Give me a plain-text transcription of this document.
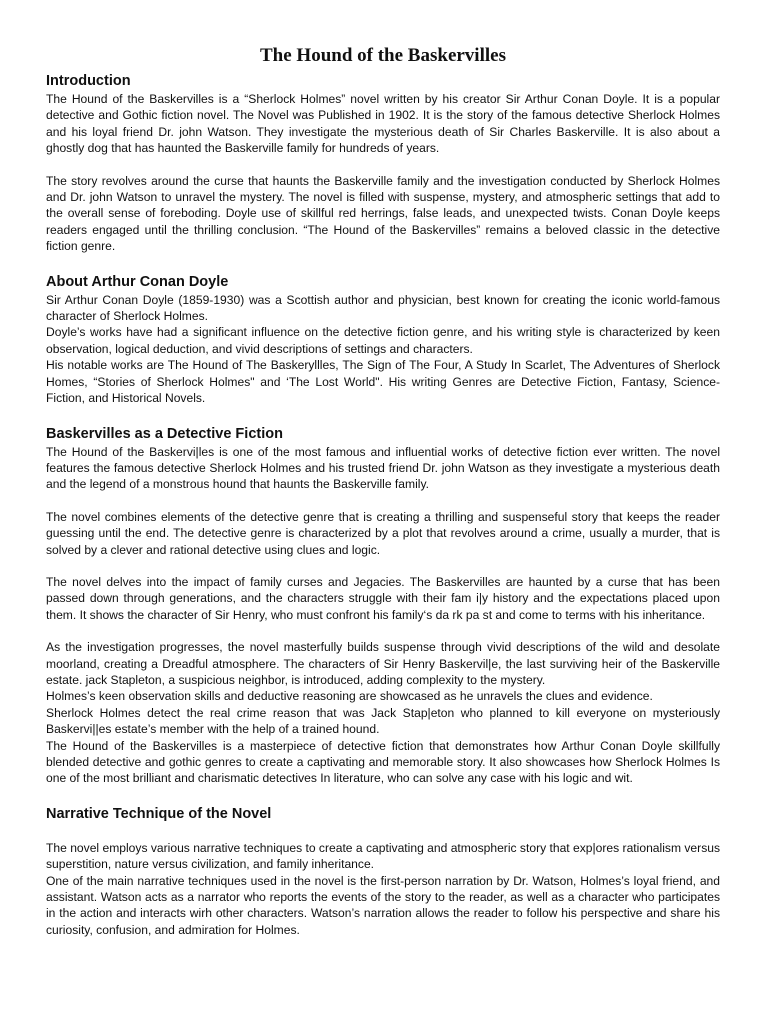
The Hound of the Baskervilles
Introduction

The Hound of the Baskervilles is a “Sherlock Holmes” novel written by his creator Sir Arthur Conan Doyle. It is a popular detective and Gothic fiction novel. The Novel was Published in 1902. It is the story of the famous detective Sherlock Holmes and his loyal friend Dr. john Watson. They investigate the mysterious death of Sir Charles Baskerville. It is also about a ghostly dog that has haunted the Baskerville family for hundreds of years.

The story revolves around the curse that haunts the Baskerville family and the investigation conducted by Sherlock Holmes and Dr. john Watson to unravel the mystery. The novel is filled with suspense, mystery, and atmospheric settings that add to the overall sense of foreboding. Doyle use of skillful red herrings, false leads, and unexpected twists. Conan Doyle keeps readers engaged until the thrilling conclusion. “The Hound of the Baskervilles” remains a beloved classic in the detective fiction genre.

About Arthur Conan Doyle

Sir Arthur Conan Doyle (1859-1930) was a Scottish author and physician, best known for creating the iconic world-famous character of Sherlock Holmes.

Doyle’s works have had a significant influence on the detective fiction genre, and his writing style is characterized by keen observation, logical deduction, and vivid descriptions of settings and characters.

His notable works are The Hound of The Baskeryllles, The Sign of The Four, A Study In Scarlet, The Adventures of Sherlock Homes, “Stories of Sherlock Holmes" and ‘The Lost World". His writing Genres are Detective Fiction, Fantasy, Science-Fiction, and Historical Novels.

Baskervilles as a Detective Fiction

The Hound of the Baskervi|les is one of the most famous and influential works of detective fiction ever written. The novel features the famous detective Sherlock Holmes and his trusted friend Dr. john Watson as they investigate a mysterious death and the legend of a monstrous hound that haunts the Baskerville family.

The novel combines elements of the detective genre that is creating a thrilling and suspenseful story that keeps the reader guessing until the end. The detective genre is characterized by a plot that revolves around a crime, usually a murder, that is solved by a clever and rational detective using clues and logic.

The novel delves into the impact of family curses and Jegacies. The Baskervilles are haunted by a curse that has been passed down through generations, and the characters struggle with their fam i|y history and the expectations placed upon them. It shows the character of Sir Henry, who must confront his family‘s da rk pa st and come to terms with his inheritance.

As the investigation progresses, the novel masterfully builds suspense through vivid descriptions of the wild and desolate moorland, creating a Dreadful atmosphere. The characters of Sir Henry Baskervil|e, the last surviving heir of the Baskerville estate. jack Stapleton, a suspicious neighbor, is introduced, adding complexity to the mystery.

Holmes’s keen observation skills and deductive reasoning are showcased as he unravels the clues and evidence.

Sherlock Holmes detect the real crime reason that was Jack Stap|eton who planned to kill everyone on mysteriously Baskervi||es estate’s member with the help of a trained hound.

The Hound of the Baskervilles is a masterpiece of detective fiction that demonstrates how Arthur Conan Doyle skillfully blended detective and gothic genres to create a captivating and memorable story. It also showcases how Sherlock Holmes Is one of the most brilliant and charismatic detectives In literature, who can solve any case with his logic and wit.

Narrative Technique of the Novel

The novel employs various narrative techniques to create a captivating and atmospheric story that exp|ores rationalism versus superstition, nature versus civilization, and family inheritance.

One of the main narrative techniques used in the novel is the first-person narration by Dr. Watson, Holmes’s loyal friend, and assistant. Watson acts as a narrator who reports the events of the story to the reader, as well as a character who participates in the action and interacts wirh other characters. Watson’s narration allows the reader to follow his perspective and share his curiosity, confusion, and admiration for Holmes.
